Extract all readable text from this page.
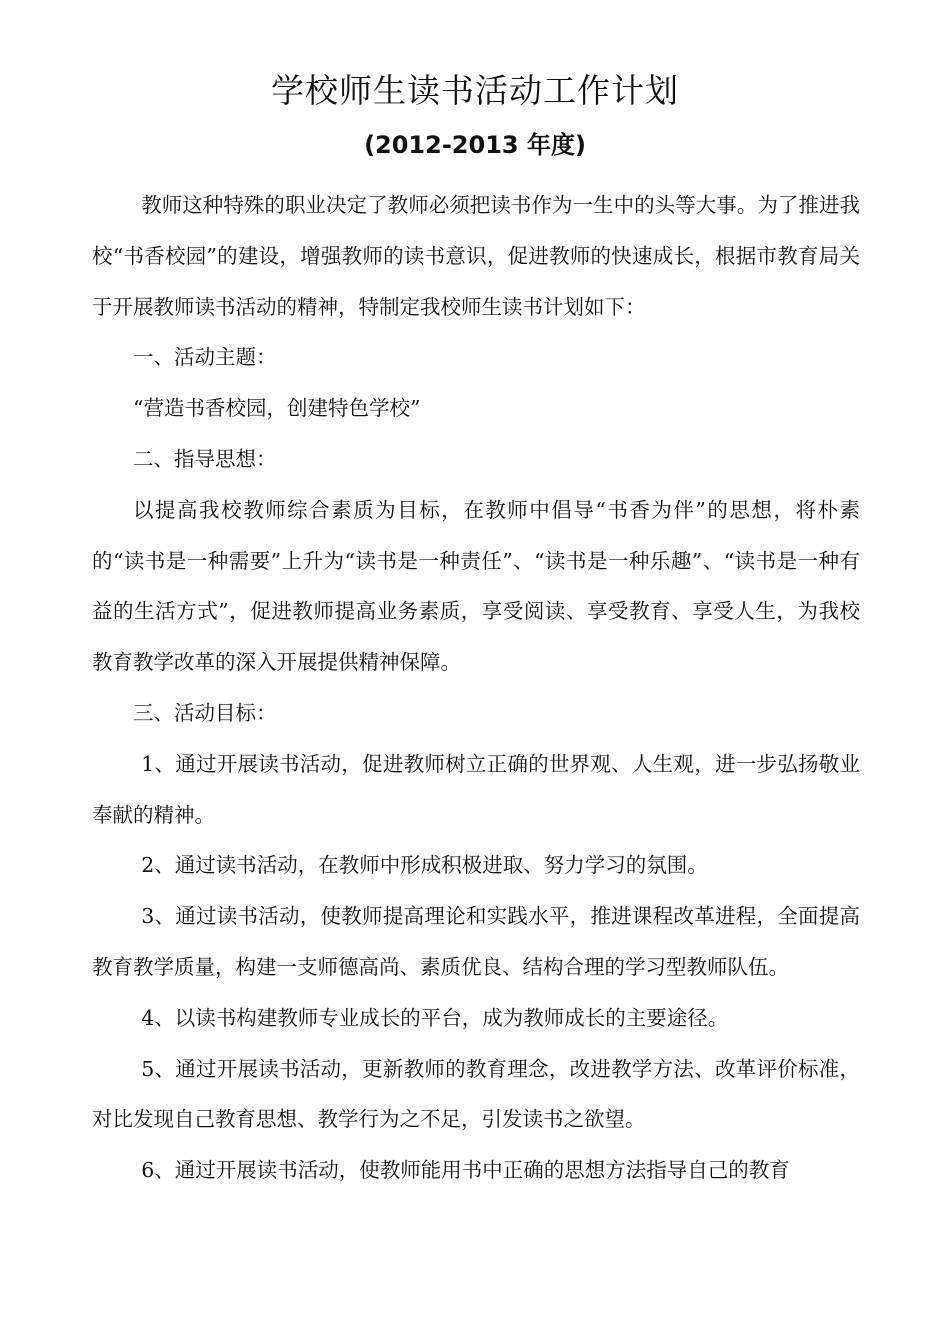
学校师生读书活动工作计划
(2012-2013 年度)

教师这种特殊的职业决定了教师必须把读书作为一生中的头等大事。为了推进我校“书香校园”的建设，增强教师的读书意识，促进教师的快速成长，根据市教育局关于开展教师读书活动的精神，特制定我校师生读书计划如下：

一、活动主题：

“营造书香校园，创建特色学校”

二、指导思想：

以提高我校教师综合素质为目标，在教师中倡导“书香为伴”的思想，将朴素的“读书是一种需要”上升为“读书是一种责任”、“读书是一种乐趣”、“读书是一种有益的生活方式”，促进教师提高业务素质，享受阅读、享受教育、享受人生，为我校教育教学改革的深入开展提供精神保障。

三、活动目标：

1、通过开展读书活动，促进教师树立正确的世界观、人生观，进一步弘扬敬业奉献的精神。

2、通过读书活动，在教师中形成积极进取、努力学习的氛围。

3、通过读书活动，使教师提高理论和实践水平，推进课程改革进程，全面提高教育教学质量，构建一支师德高尚、素质优良、结构合理的学习型教师队伍。

4、以读书构建教师专业成长的平台，成为教师成长的主要途径。

5、通过开展读书活动，更新教师的教育理念，改进教学方法、改革评价标准，对比发现自己教育思想、教学行为之不足，引发读书之欲望。

6、通过开展读书活动，使教师能用书中正确的思想方法指导自己的教育
